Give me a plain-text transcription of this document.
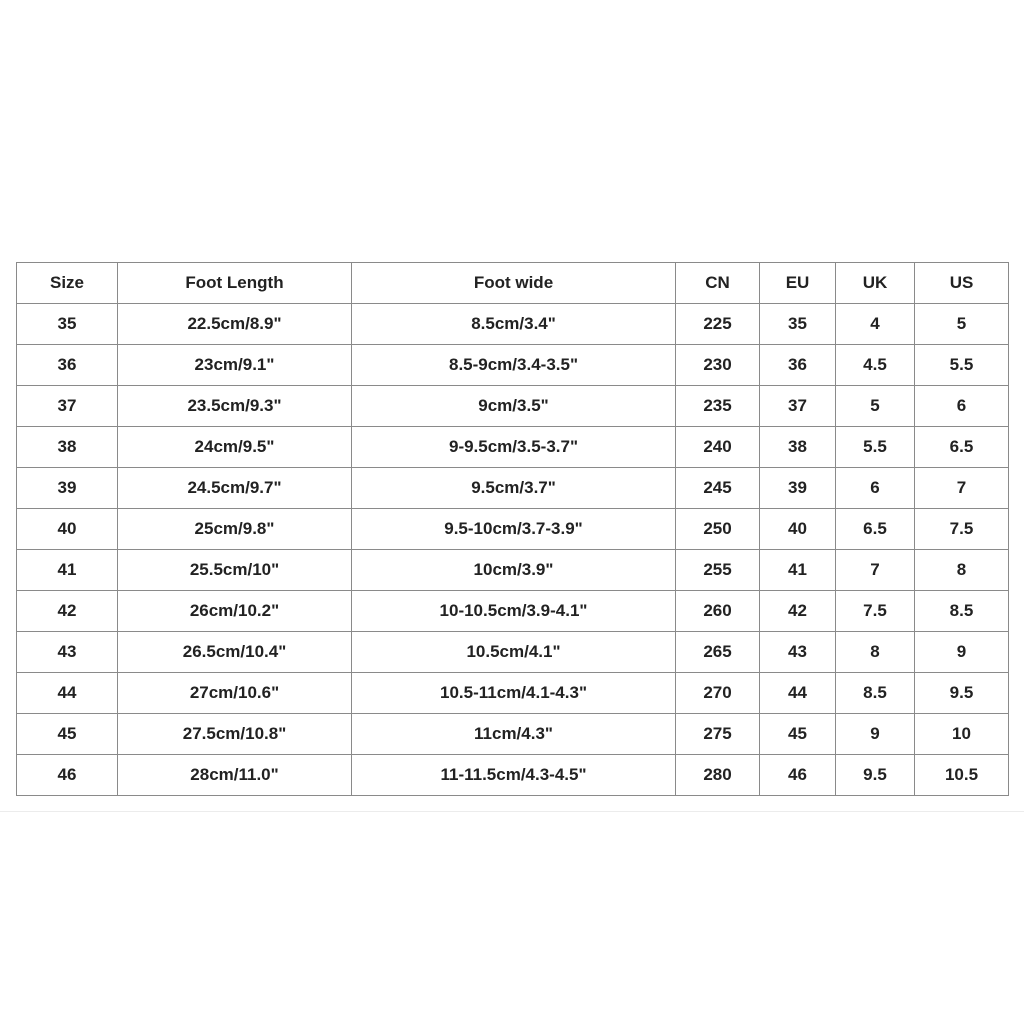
Size	Foot Length	Foot wide	CN	EU	UK	US
35	22.5cm/8.9"	8.5cm/3.4"	225	35	4	5
36	23cm/9.1"	8.5-9cm/3.4-3.5"	230	36	4.5	5.5
37	23.5cm/9.3"	9cm/3.5"	235	37	5	6
38	24cm/9.5"	9-9.5cm/3.5-3.7"	240	38	5.5	6.5
39	24.5cm/9.7"	9.5cm/3.7"	245	39	6	7
40	25cm/9.8"	9.5-10cm/3.7-3.9"	250	40	6.5	7.5
41	25.5cm/10"	10cm/3.9"	255	41	7	8
42	26cm/10.2"	10-10.5cm/3.9-4.1"	260	42	7.5	8.5
43	26.5cm/10.4"	10.5cm/4.1"	265	43	8	9
44	27cm/10.6"	10.5-11cm/4.1-4.3"	270	44	8.5	9.5
45	27.5cm/10.8"	11cm/4.3"	275	45	9	10
46	28cm/11.0"	11-11.5cm/4.3-4.5"	280	46	9.5	10.5
